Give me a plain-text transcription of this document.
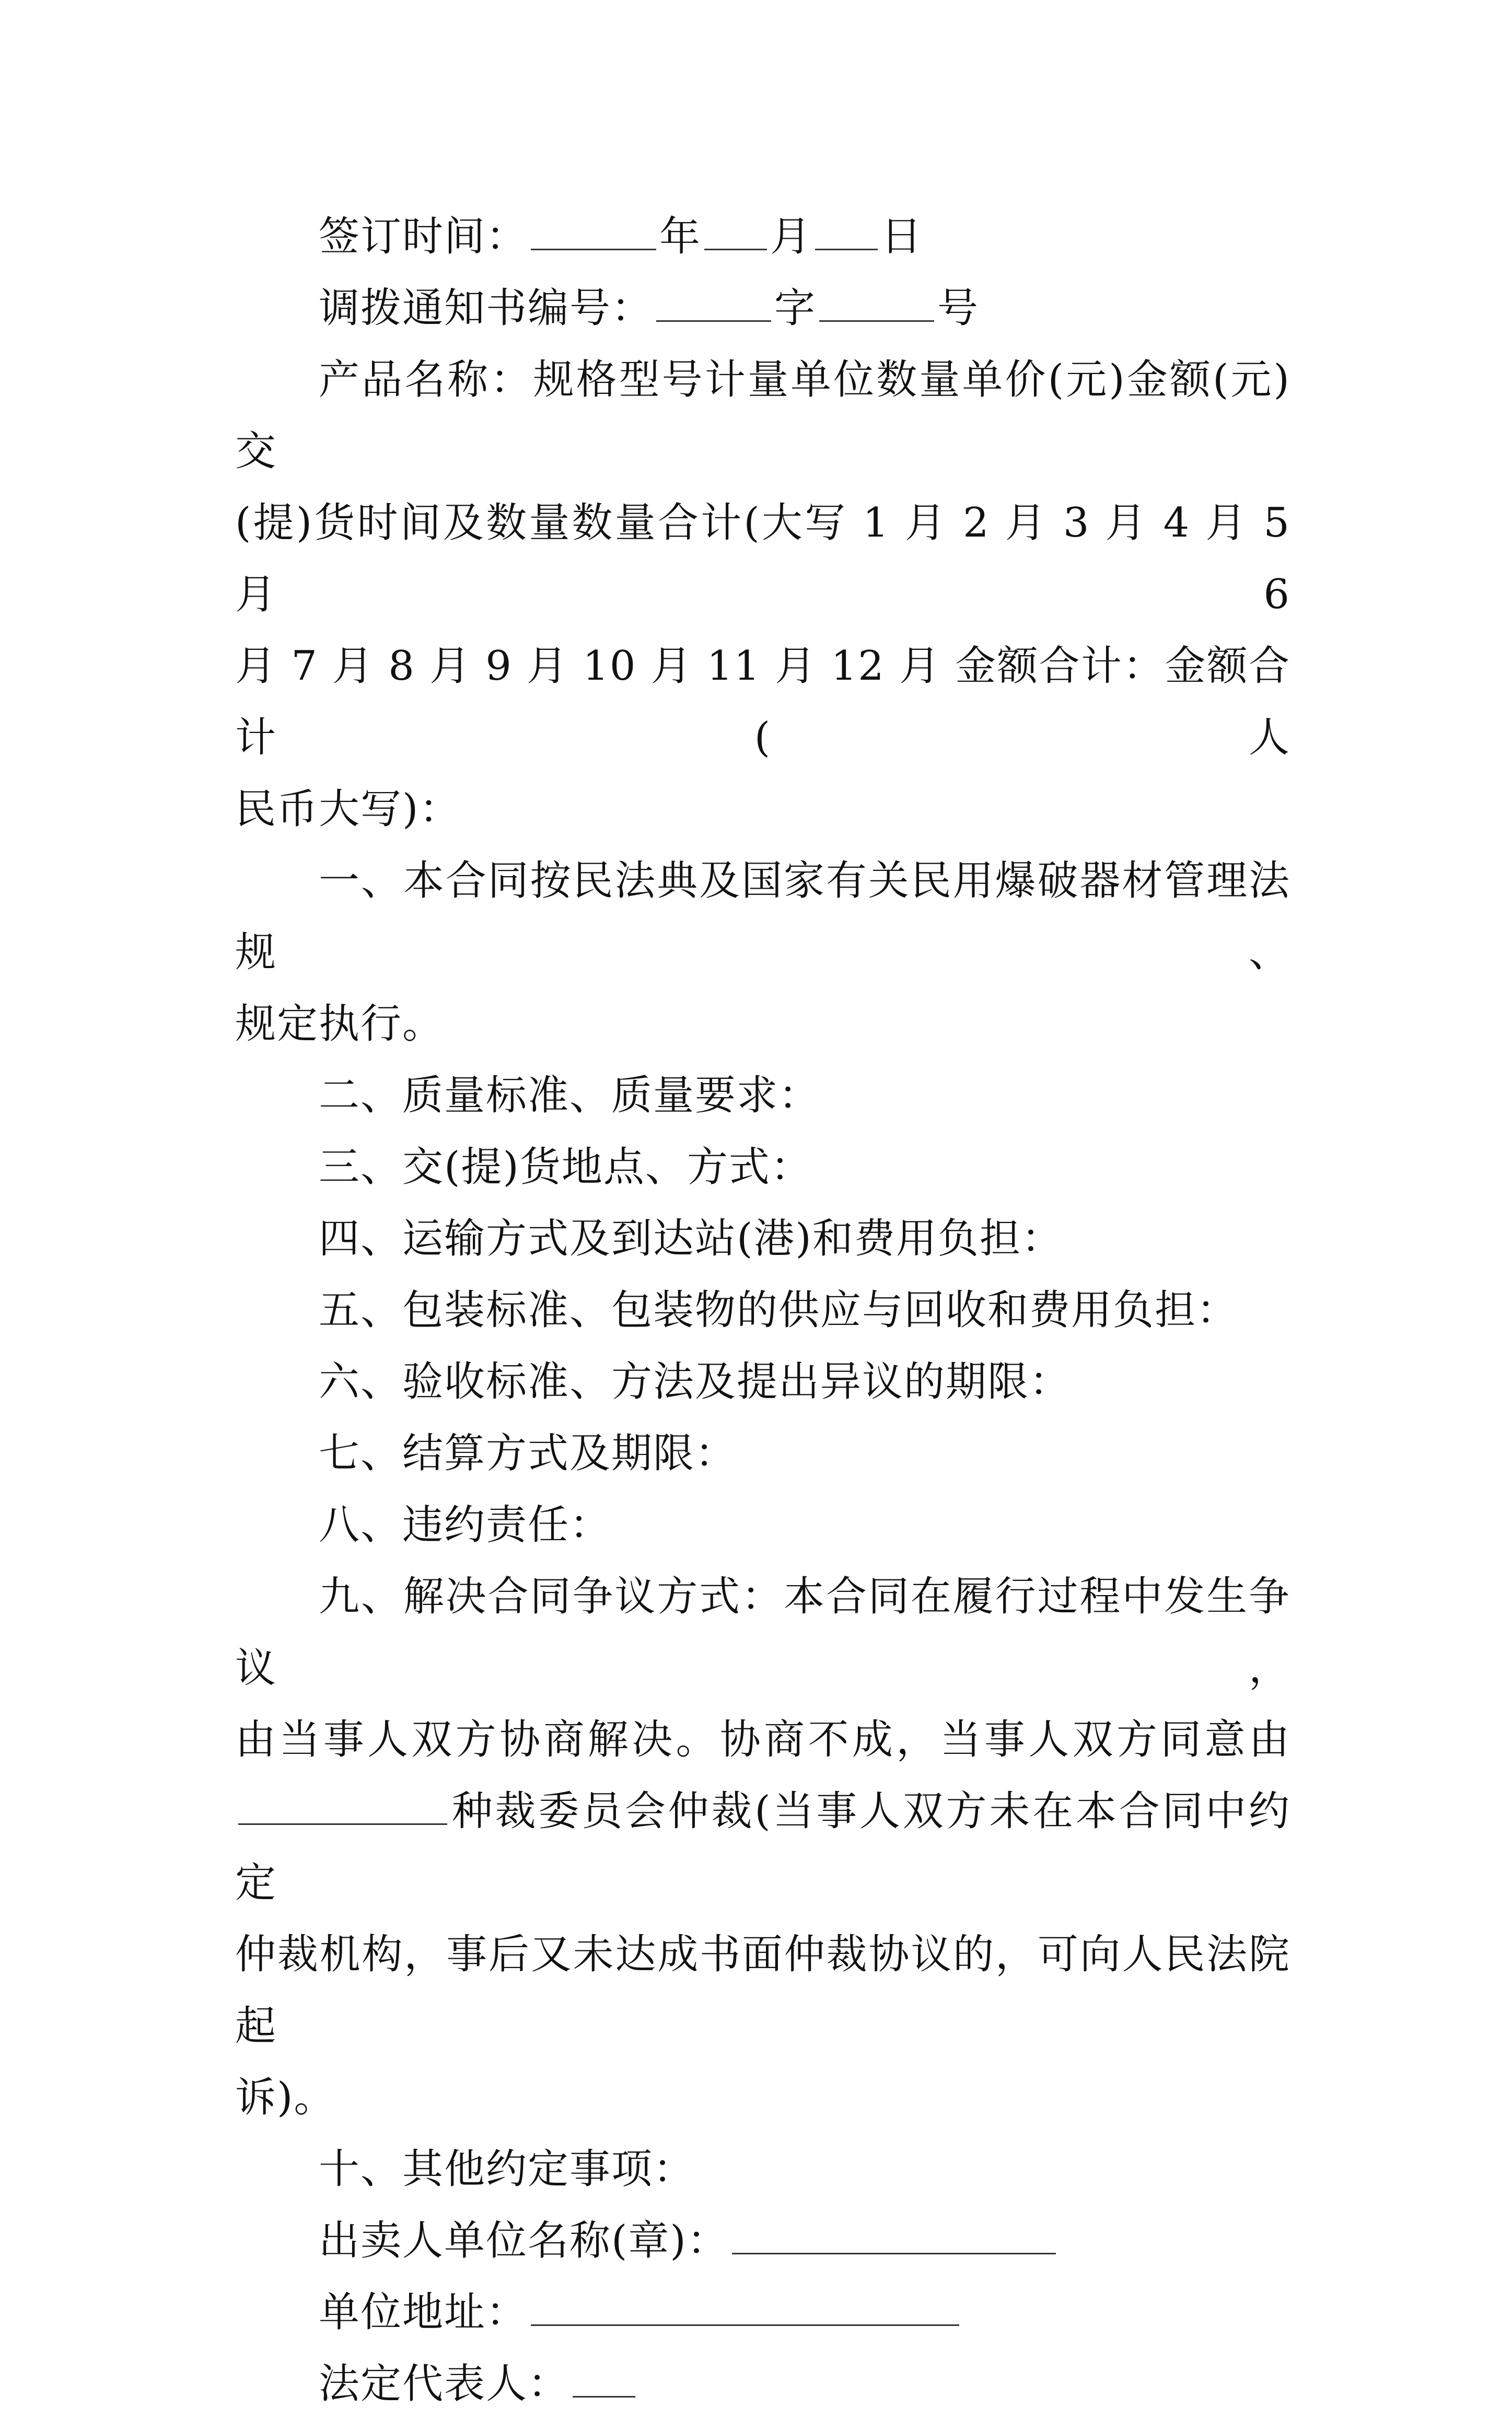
签订时间：	年 月 日
调拨通知书编号：	字	号
产品名称：规格型号计量单位数量单价(元)金额(元)交
(提)货时间及数量数量合计(大写 1 月 2 月 3 月 4 月 5 月 6
月 7 月 8 月 9 月 10 月 11 月 12 月 金额合计：金额合计(人
民币大写)：
一、本合同按民法典及国家有关民用爆破器材管理法规、
规定执行。
二、质量标准、质量要求：
三、交(提)货地点、方式：
四、运输方式及到达站(港)和费用负担：
五、包装标准、包装物的供应与回收和费用负担：
六、验收标准、方法及提出异议的期限：
七、结算方式及期限：
八、违约责任：
九、解决合同争议方式：本合同在履行过程中发生争议，
由当事人双方协商解决。协商不成，当事人双方同意由
种裁委员会仲裁(当事人双方未在本合同中约定
仲裁机构，事后又未达成书面仲裁协议的，可向人民法院起
诉)。
十、其他约定事项：
出卖人单位名称(章)：
单位地址：
法定代表人：
